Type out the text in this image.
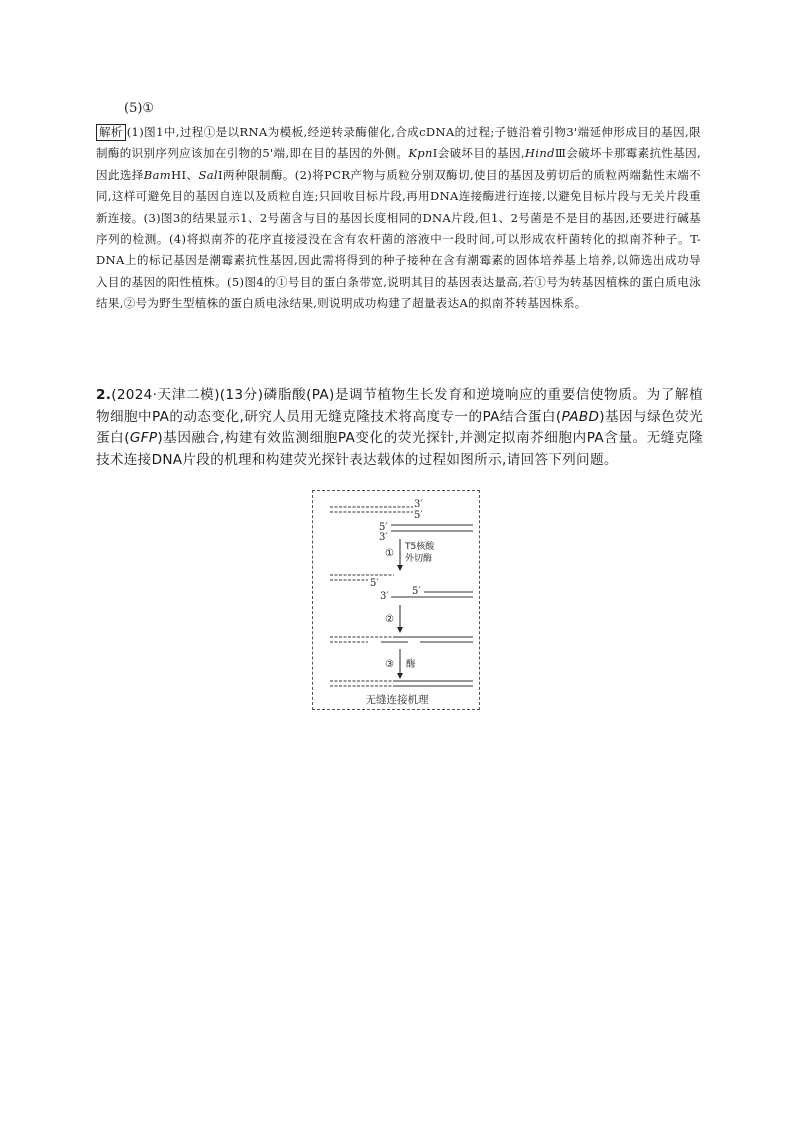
(5)①
解析 (1)图1中,过程①是以RNA为模板,经逆转录酶催化,合成cDNA的过程;子链沿着引物3'端延伸形成目的基因,限制酶的识别序列应该加在引物的5'端,即在目的基因的外侧。KpnⅠ会破坏目的基因,HindⅢ会破坏卡那霉素抗性基因,因此选择BamHⅠ、SalⅠ两种限制酶。(2)将PCR产物与质粒分别双酶切,使目的基因及剪切后的质粒两端黏性末端不同,这样可避免目的基因自连以及质粒自连;只回收目标片段,再用DNA连接酶进行连接,以避免目标片段与无关片段重新连接。(3)图3的结果显示1、2号菌含与目的基因长度相同的DNA片段,但1、2号菌是不是目的基因,还要进行碱基序列的检测。(4)将拟南芥的花序直接浸没在含有农杆菌的溶液中一段时间,可以形成农杆菌转化的拟南芥种子。T-DNA上的标记基因是潮霉素抗性基因,因此需将得到的种子接种在含有潮霉素的固体培养基上培养,以筛选出成功导入目的基因的阳性植株。(5)图4的①号目的蛋白条带宽,说明其目的基因表达量高,若①号为转基因植株的蛋白质电泳结果,②号为野生型植株的蛋白质电泳结果,则说明成功构建了超量表达A的拟南芥转基因株系。
2.(2024·天津二模)(13分)磷脂酸(PA)是调节植物生长发育和逆境响应的重要信使物质。为了解植物细胞中PA的动态变化,研究人员用无缝克隆技术将高度专一的PA结合蛋白(PABD)基因与绿色荧光蛋白(GFP)基因融合,构建有效监测细胞PA变化的荧光探针,并测定拟南芥细胞内PA含量。无缝克隆技术连接DNA片段的机理和构建荧光探针表达载体的过程如图所示,请回答下列问题。
3′
5′
5′
3′
①
T5核酸
外切酶
5′
3′ 5′
②
③ 酶
无缝连接机理
